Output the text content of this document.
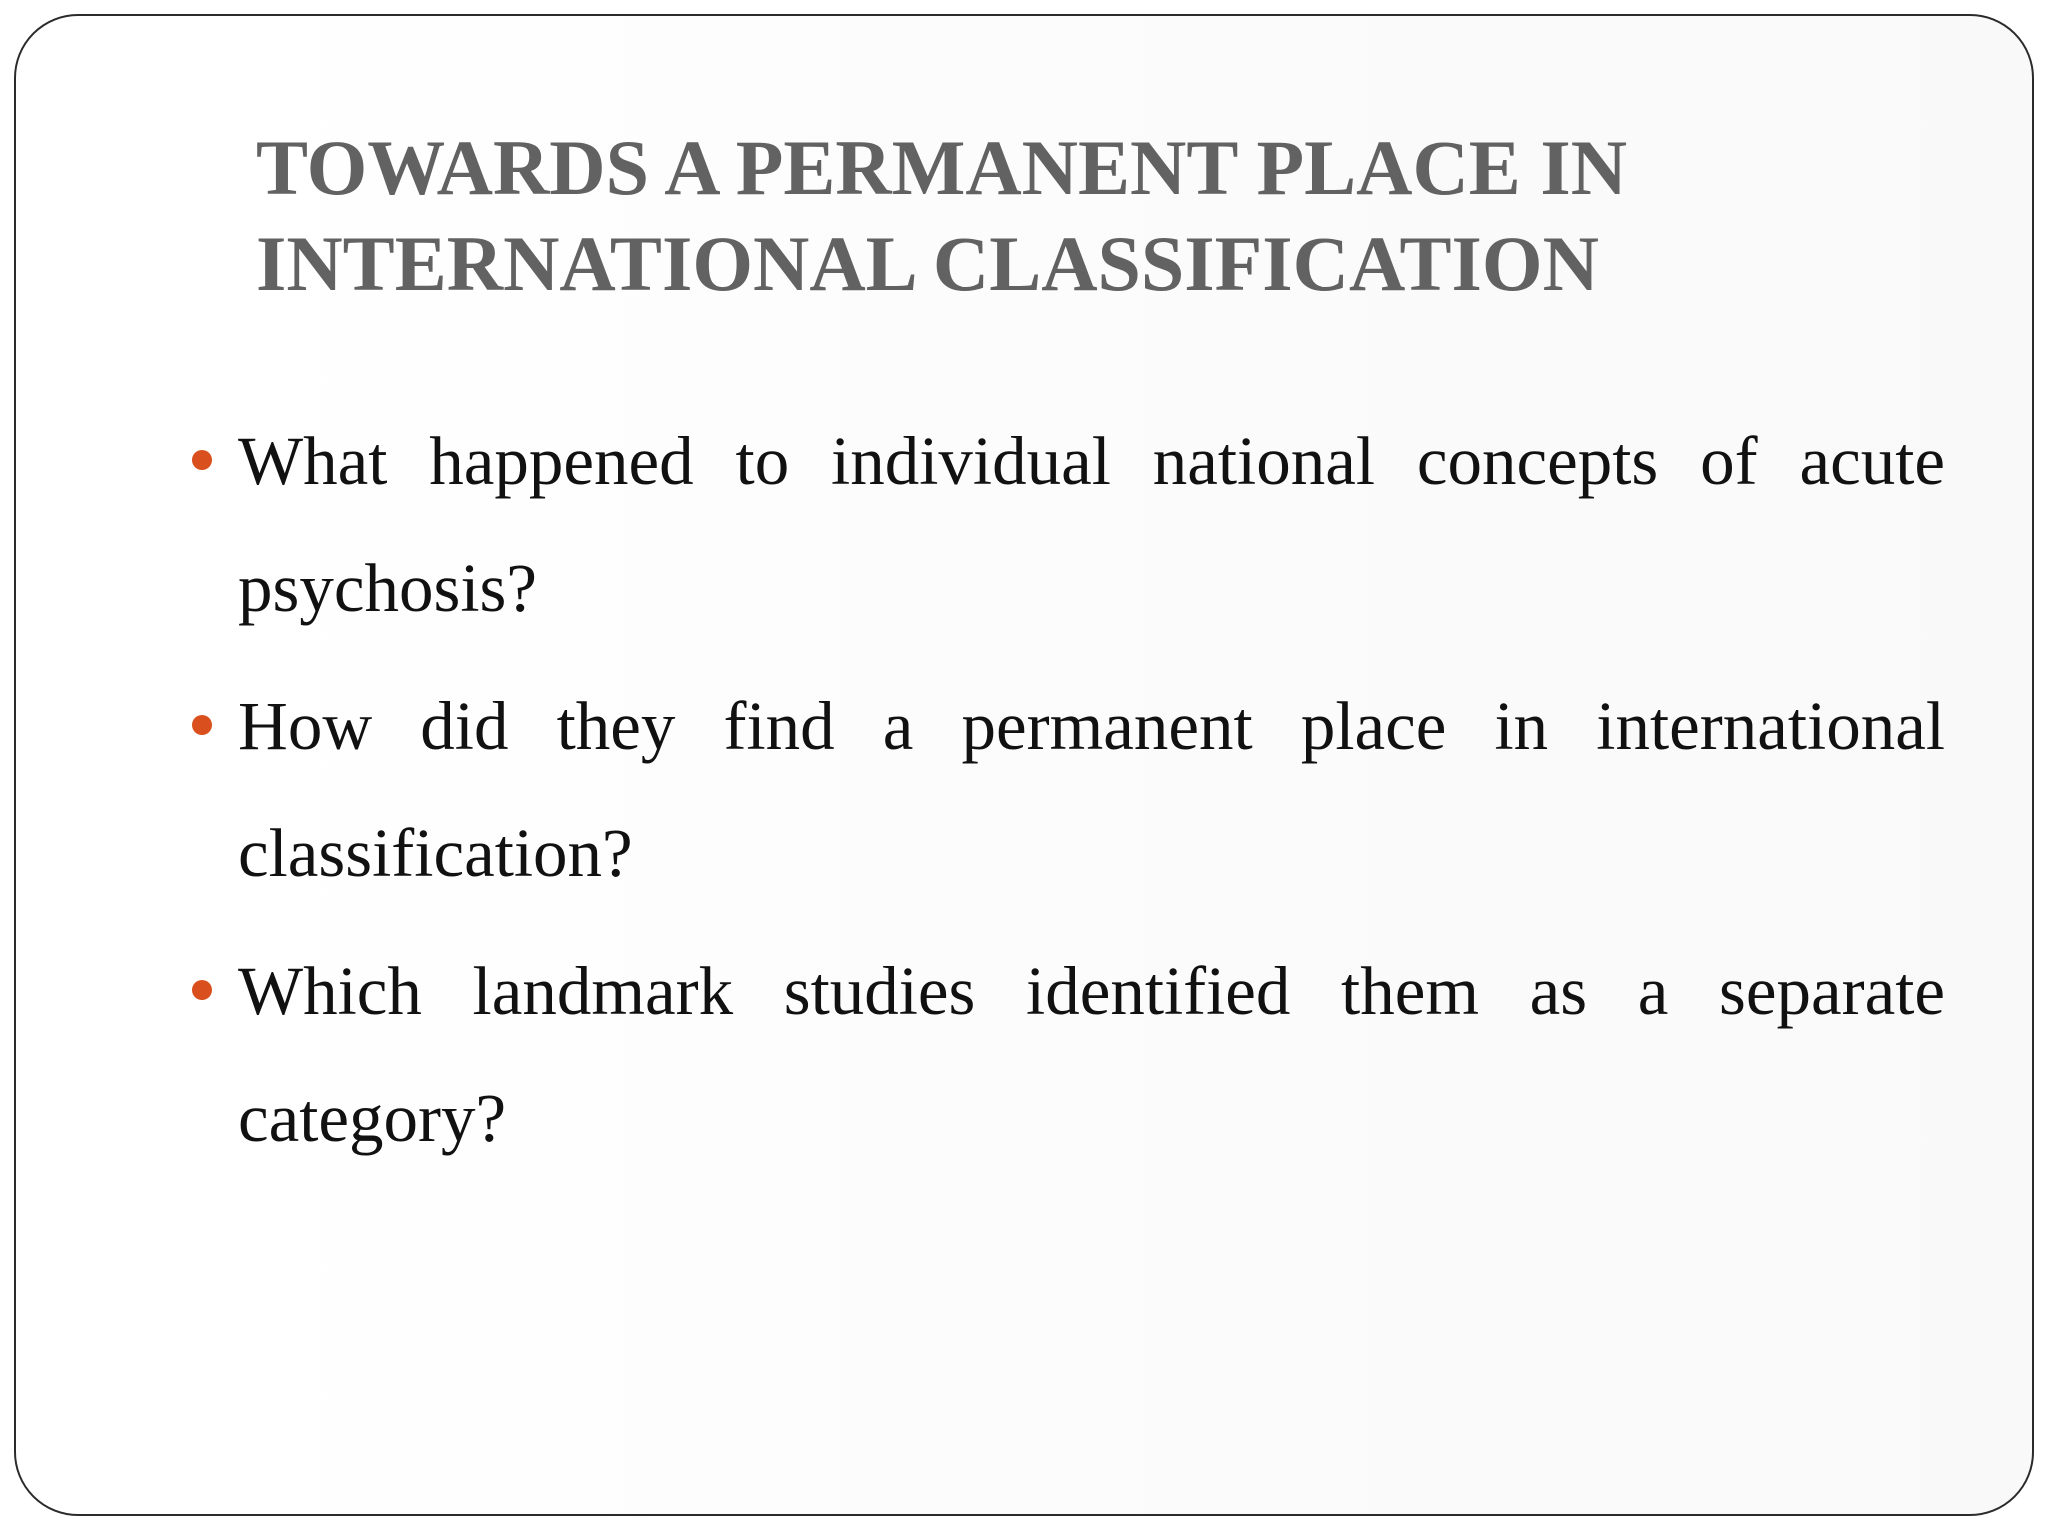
TOWARDS A PERMANENT PLACE IN
INTERNATIONAL CLASSIFICATION
What happened to individual national concepts of acute psychosis?
How did they find a permanent place in international classification?
Which landmark studies identified them as a separate category?
